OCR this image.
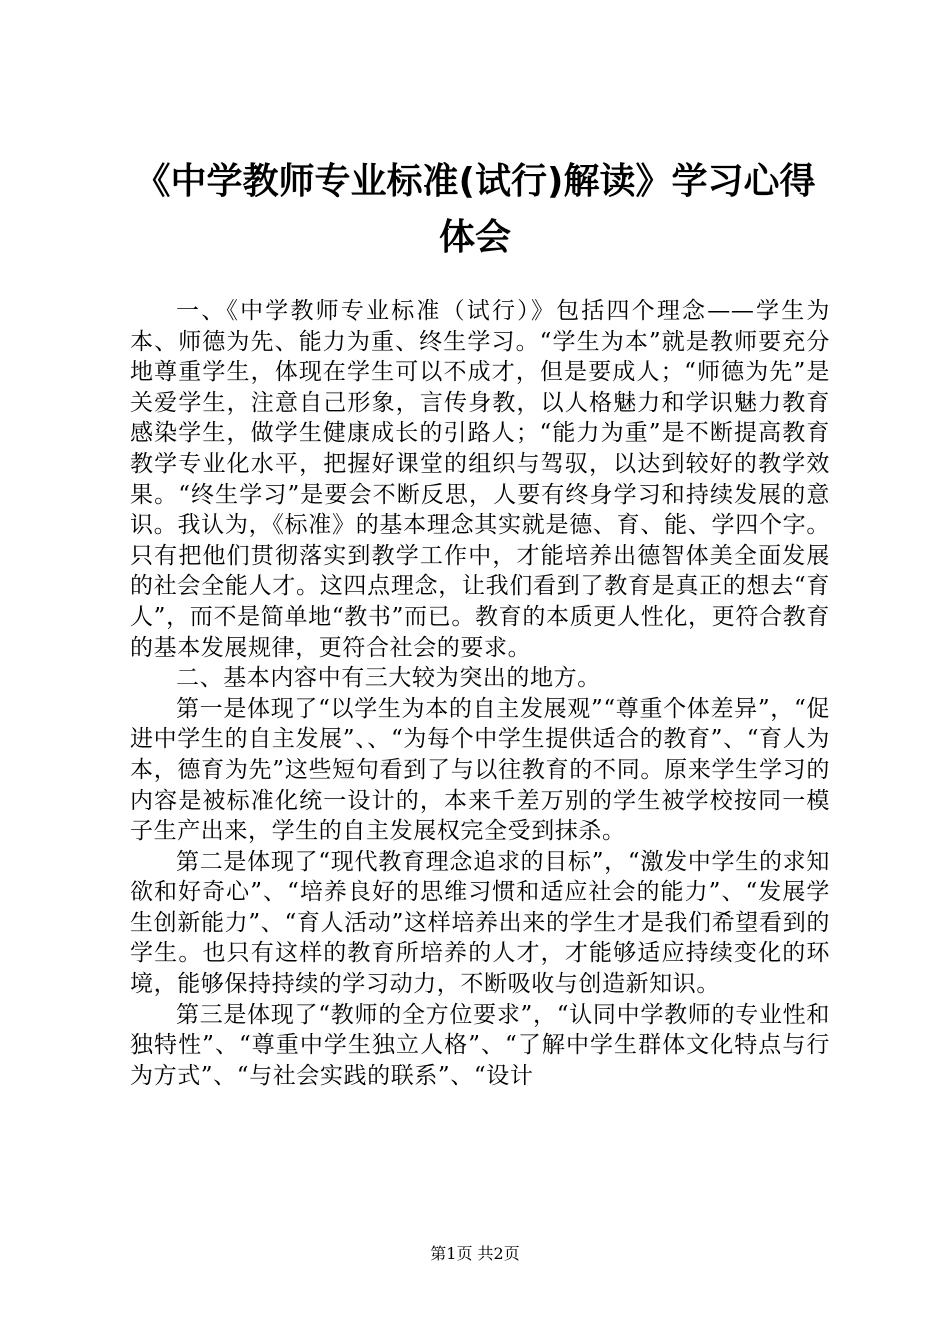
《中学教师专业标准(试行)解读》学习心得体会

一、《中学教师专业标准（试行）》包括四个理念——学生为本、师德为先、能力为重、终生学习。“学生为本”就是教师要充分地尊重学生，体现在学生可以不成才，但是要成人；“师德为先”是关爱学生，注意自己形象，言传身教，以人格魅力和学识魅力教育感染学生，做学生健康成长的引路人；“能力为重”是不断提高教育教学专业化水平，把握好课堂的组织与驾驭，以达到较好的教学效果。“终生学习”是要会不断反思，人要有终身学习和持续发展的意识。我认为，《标准》的基本理念其实就是德、育、能、学四个字。只有把他们贯彻落实到教学工作中，才能培养出德智体美全面发展的社会全能人才。这四点理念，让我们看到了教育是真正的想去“育人”，而不是简单地“教书”而已。教育的本质更人性化，更符合教育的基本发展规律，更符合社会的要求。

二、基本内容中有三大较为突出的地方。

第一是体现了“以学生为本的自主发展观”“尊重个体差异”，“促进中学生的自主发展”、、“为每个中学生提供适合的教育”、“育人为本，德育为先”这些短句看到了与以往教育的不同。原来学生学习的内容是被标准化统一设计的，本来千差万别的学生被学校按同一模子生产出来，学生的自主发展权完全受到抹杀。

第二是体现了“现代教育理念追求的目标”，“激发中学生的求知欲和好奇心”、“培养良好的思维习惯和适应社会的能力”、“发展学生创新能力”、“育人活动”这样培养出来的学生才是我们希望看到的学生。也只有这样的教育所培养的人才，才能够适应持续变化的环境，能够保持持续的学习动力，不断吸收与创造新知识。

第三是体现了“教师的全方位要求”，“认同中学教师的专业性和独特性”、“尊重中学生独立人格”、“了解中学生群体文化特点与行为方式”、“与社会实践的联系”、“设计

第1页 共2页
